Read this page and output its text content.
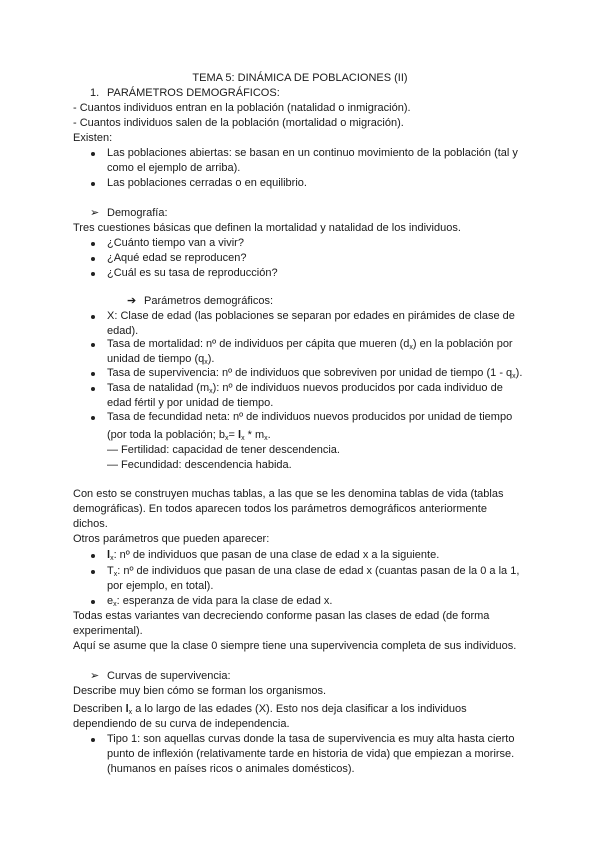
TEMA 5: DINÁMICA DE POBLACIONES (II)
1. PARÁMETROS DEMOGRÁFICOS:
- Cuantos individuos entran en la población (natalidad o inmigración).
- Cuantos individuos salen de la población (mortalidad o migración).
Existen:
Las poblaciones abiertas: se basan en un continuo movimiento de la población (tal y
como el ejemplo de arriba).
Las poblaciones cerradas o en equilibrio.
➢ Demografía:
Tres cuestiones básicas que definen la mortalidad y natalidad de los individuos.
¿Cuánto tiempo van a vivir?
¿Aqué edad se reproducen?
¿Cuál es su tasa de reproducción?
➔ Parámetros demográficos:
X: Clase de edad (las poblaciones se separan por edades en pirámides de clase de
edad).
Tasa de mortalidad: nº de individuos per cápita que mueren $(d_x)$ en la población por
unidad de tiempo $(q_x)$.
Tasa de supervivencia: nº de individuos que sobreviven por unidad de tiempo $(1 - q_x)$.
Tasa de natalidad $(m_x)$: nº de individuos nuevos producidos por cada individuo de
edad fértil y por unidad de tiempo.
Tasa de fecundidad neta: nº de individuos nuevos producidos por unidad de tiempo
(por toda la población; $b_x= l_x * m_x$.
— Fertilidad: capacidad de tener descendencia.
— Fecundidad: descendencia habida.
Con esto se construyen muchas tablas, a las que se les denomina tablas de vida (tablas
demográficas). En todos aparecen todos los parámetros demográficos anteriormente
dichos.
Otros parámetros que pueden aparecer:
$l_x$: nº de individuos que pasan de una clase de edad x a la siguiente.
$T_x$: nº de individuos que pasan de una clase de edad x (cuantas pasan de la 0 a la 1,
por ejemplo, en total).
$e_x$: esperanza de vida para la clase de edad x.
Todas estas variantes van decreciendo conforme pasan las clases de edad (de forma
experimental).
Aquí se asume que la clase 0 siempre tiene una supervivencia completa de sus individuos.
➢ Curvas de supervivencia:
Describe muy bien cómo se forman los organismos.
Describen $l_x$ a lo largo de las edades (X). Esto nos deja clasificar a los individuos
dependiendo de su curva de independencia.
Tipo 1: son aquellas curvas donde la tasa de supervivencia es muy alta hasta cierto
punto de inflexión (relativamente tarde en historia de vida) que empiezan a morirse.
(humanos en países ricos o animales domésticos).
